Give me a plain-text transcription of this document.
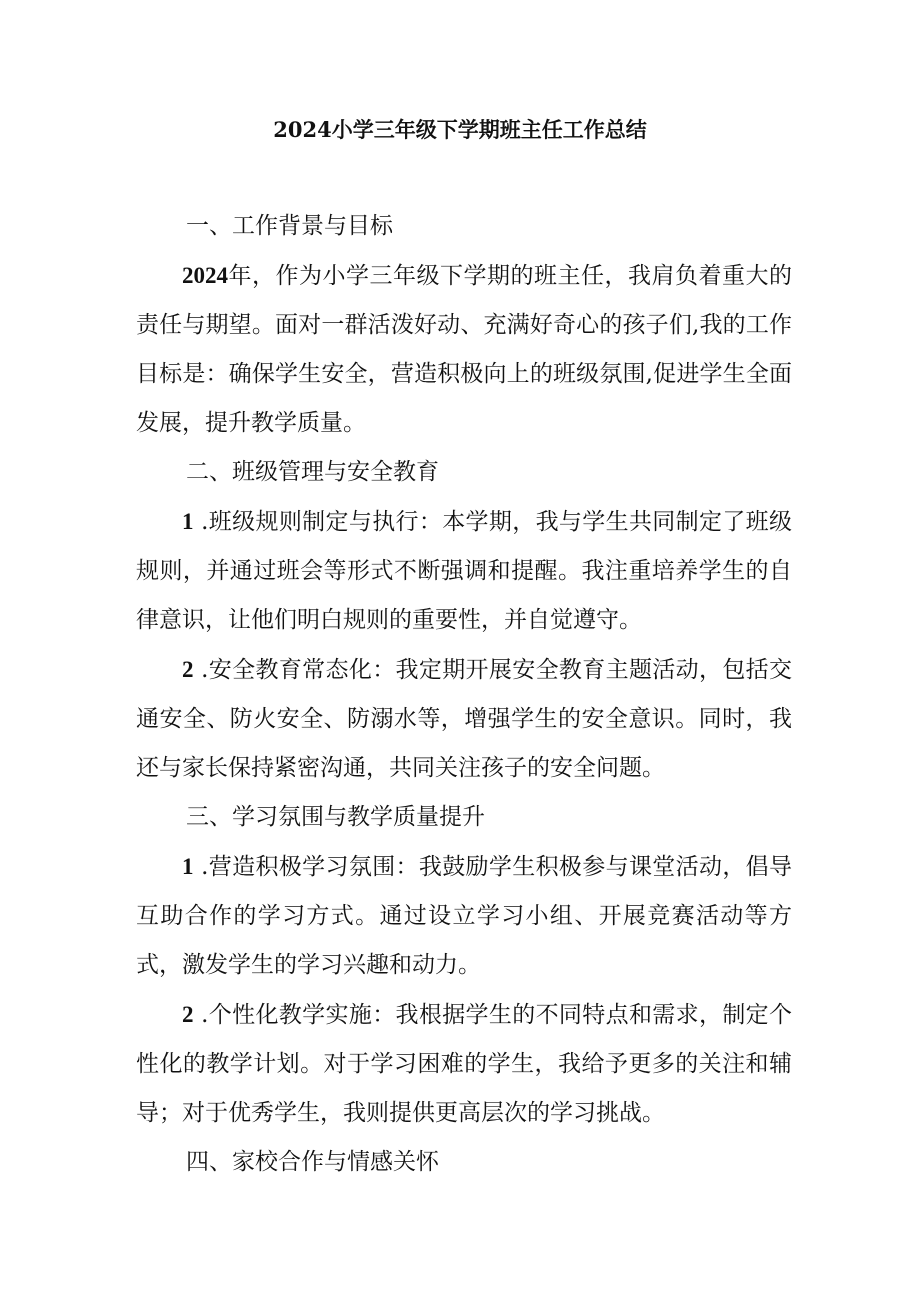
2024小学三年级下学期班主任工作总结

一、工作背景与目标

2024年，作为小学三年级下学期的班主任，我肩负着重大的责任与期望。面对一群活泼好动、充满好奇心的孩子们,我的工作目标是：确保学生安全，营造积极向上的班级氛围,促进学生全面发展，提升教学质量。

二、班级管理与安全教育

1 .班级规则制定与执行：本学期，我与学生共同制定了班级规则，并通过班会等形式不断强调和提醒。我注重培养学生的自律意识，让他们明白规则的重要性，并自觉遵守。

2 .安全教育常态化：我定期开展安全教育主题活动，包括交通安全、防火安全、防溺水等，增强学生的安全意识。同时，我还与家长保持紧密沟通，共同关注孩子的安全问题。

三、学习氛围与教学质量提升

1 .营造积极学习氛围：我鼓励学生积极参与课堂活动，倡导互助合作的学习方式。通过设立学习小组、开展竞赛活动等方式，激发学生的学习兴趣和动力。

2 .个性化教学实施：我根据学生的不同特点和需求，制定个性化的教学计划。对于学习困难的学生，我给予更多的关注和辅导；对于优秀学生，我则提供更高层次的学习挑战。

四、家校合作与情感关怀
